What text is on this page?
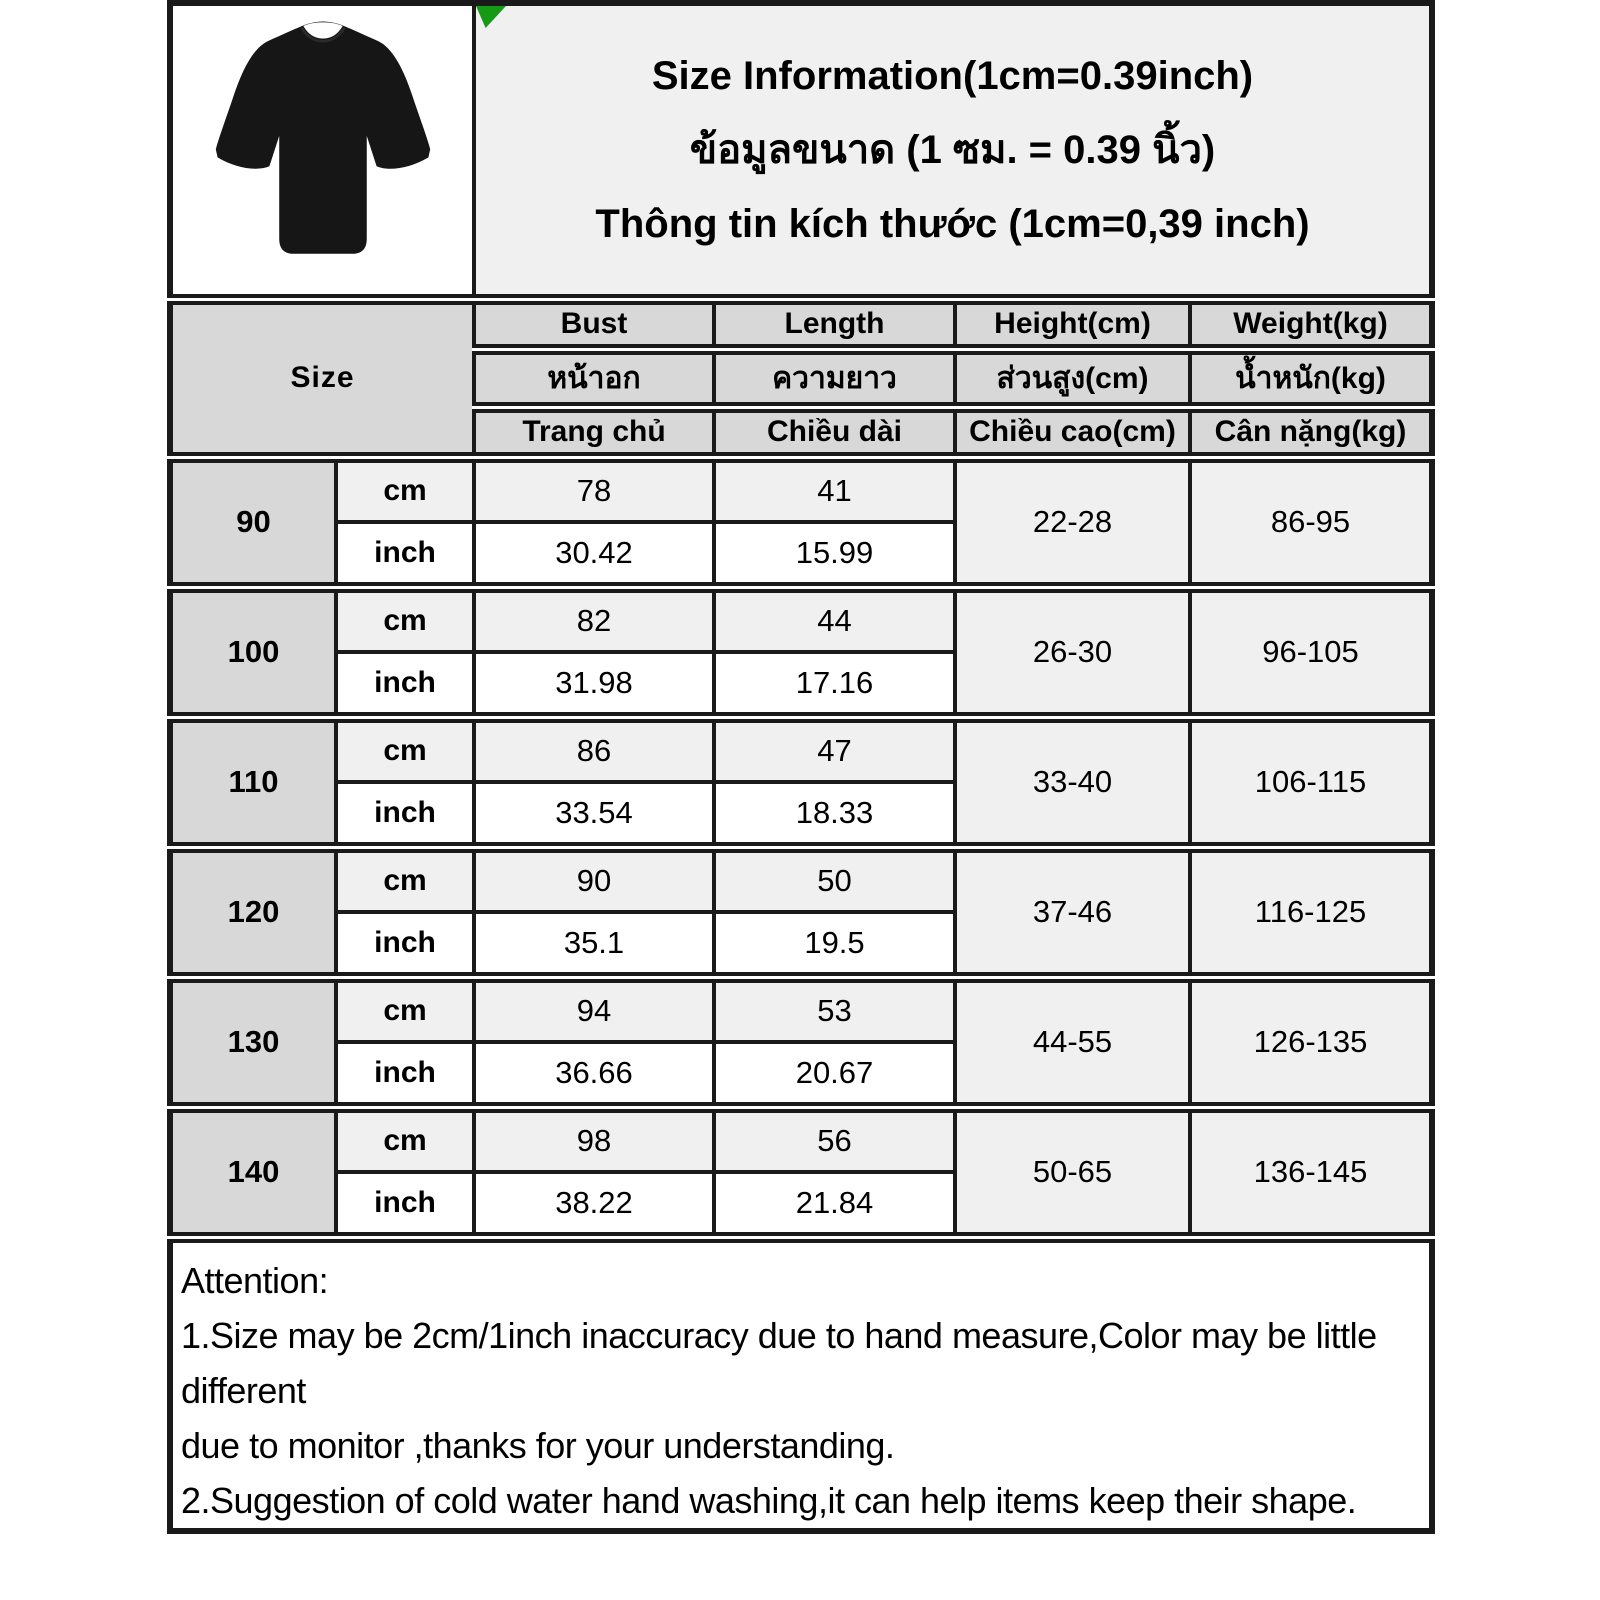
Size Information(1cm=0.39inch)
ข้อมูลขนาด (1 ซม. = 0.39 นิ้ว)
Thông tin kích thước (1cm=0,39 inch)			

Size		Bust	Length	Height(cm)	Weight(kg)
		หน้าอก	ความยาว	ส่วนสูง(cm)	น้ำหนัก(kg)
		Trang chủ	Chiều dài	Chiều cao(cm)	Cân nặng(kg)
90	cm	78	41	22-28	86-95
	inch	30.42	15.99		
100	cm	82	44	26-30	96-105
	inch	31.98	17.16		
110	cm	86	47	33-40	106-115
	inch	33.54	18.33		
120	cm	90	50	37-46	116-125
	inch	35.1	19.5		
130	cm	94	53	44-55	126-135
	inch	36.66	20.67		
140	cm	98	56	50-65	136-145
	inch	38.22	21.84		

Attention:
1.Size may be 2cm/1inch inaccuracy due to hand measure,Color may be little different
due to monitor ,thanks for your understanding.
2.Suggestion of cold water hand washing,it can help items keep their shape.					
